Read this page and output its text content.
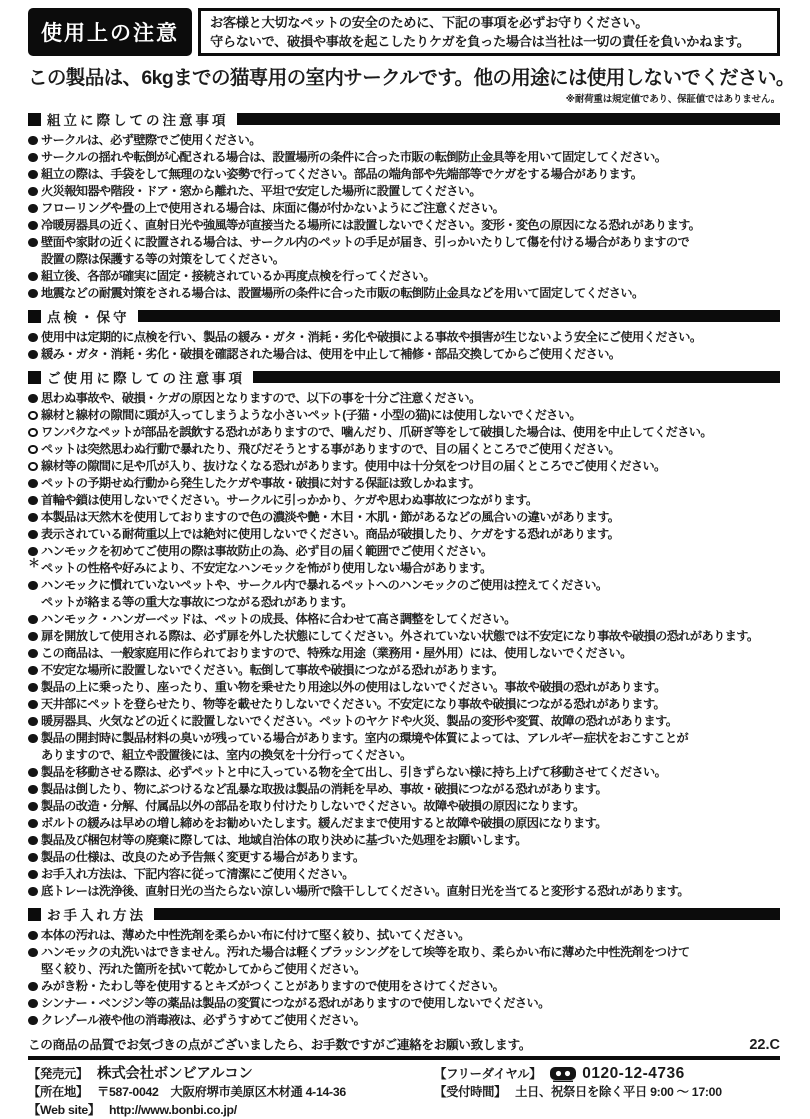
使用上の注意	お客様と大切なペットの安全のために、下記の事項を必ずお守りください。
守らないで、破損や事故を起こしたりケガを負った場合は当社は一切の責任を負いかねます。
この製品は、6kgまでの猫専用の室内サークルです。他の用途には使用しないでください。
※耐荷重は規定値であり、保証値ではありません。
組立に際しての注意事項
サークルは、必ず壁際でご使用ください。
サークルの揺れや転倒が心配される場合は、設置場所の条件に合った市販の転倒防止金具等を用いて固定してください。
組立の際は、手袋をして無理のない姿勢で行ってください。部品の端角部や先端部等でケガをする場合があります。
火災報知器や階段・ドア・窓から離れた、平坦で安定した場所に設置してください。
フローリングや畳の上で使用される場合は、床面に傷が付かないようにご注意ください。
冷暖房器具の近く、直射日光や強風等が直接当たる場所には設置しないでください。変形・変色の原因になる恐れがあります。
壁面や家財の近くに設置される場合は、サークル内のペットの手足が届き、引っかいたりして傷を付ける場合がありますので
設置の際は保護する等の対策をしてください。
組立後、各部が確実に固定・接続されているか再度点検を行ってください。
地震などの耐震対策をされる場合は、設置場所の条件に合った市販の転倒防止金具などを用いて固定してください。
点検・保守
使用中は定期的に点検を行い、製品の緩み・ガタ・消耗・劣化や破損による事故や損害が生じないよう安全にご使用ください。
緩み・ガタ・消耗・劣化・破損を確認された場合は、使用を中止して補修・部品交換してからご使用ください。
ご使用に際しての注意事項
思わぬ事故や、破損・ケガの原因となりますので、以下の事を十分ご注意ください。
線材と線材の隙間に頭が入ってしまうような小さいペット(子猫・小型の猫)には使用しないでください。
ワンパクなペットが部品を誤飲する恐れがありますので、噛んだり、爪研ぎ等をして破損した場合は、使用を中止してください。
ペットは突然思わぬ行動で暴れたり、飛びだそうとする事がありますので、目の届くところでご使用ください。
線材等の隙間に足や爪が入り、抜けなくなる恐れがあります。使用中は十分気をつけ目の届くところでご使用ください。
ペットの予期せぬ行動から発生したケガや事故・破損に対する保証は致しかねます。
首輪や鎖は使用しないでください。サークルに引っかかり、ケガや思わぬ事故につながります。
本製品は天然木を使用しておりますので色の濃淡や艶・木目・木肌・節があるなどの風合いの違いがあります。
表示されている耐荷重以上では絶対に使用しないでください。商品が破損したり、ケガをする恐れがあります。
ハンモックを初めてご使用の際は事故防止の為、必ず目の届く範囲でご使用ください。
＊ ペットの性格や好みにより、不安定なハンモックを怖がり使用しない場合があります。
ハンモックに慣れていないペットや、サークル内で暴れるペットへのハンモックのご使用は控えてください。
ペットが絡まる等の重大な事故につながる恐れがあります。
ハンモック・ハンガーベッドは、ペットの成長、体格に合わせて高さ調整をしてください。
扉を開放して使用される際は、必ず扉を外した状態にしてください。外されていない状態では不安定になり事故や破損の恐れがあります。
この商品は、一般家庭用に作られておりますので、特殊な用途（業務用・屋外用）には、使用しないでください。
不安定な場所に設置しないでください。転倒して事故や破損につながる恐れがあります。
製品の上に乗ったり、座ったり、重い物を乗せたり用途以外の使用はしないでください。事故や破損の恐れがあります。
天井部にペットを登らせたり、物等を載せたりしないでください。不安定になり事故や破損につながる恐れがあります。
暖房器具、火気などの近くに設置しないでください。ペットのヤケドや火災、製品の変形や変質、故障の恐れがあります。
製品の開封時に製品材料の臭いが残っている場合があります。室内の環境や体質によっては、アレルギー症状をおこすことが
ありますので、組立や設置後には、室内の換気を十分行ってください。
製品を移動させる際は、必ずペットと中に入っている物を全て出し、引きずらない様に持ち上げて移動させてください。
製品は倒したり、物にぶつけるなど乱暴な取扱は製品の消耗を早め、事故・破損につながる恐れがあります。
製品の改造・分解、付属品以外の部品を取り付けたりしないでください。故障や破損の原因になります。
ボルトの緩みは早めの増し締めをお勧めいたします。緩んだままで使用すると故障や破損の原因になります。
製品及び梱包材等の廃棄に際しては、地域自治体の取り決めに基づいた処理をお願いします。
製品の仕様は、改良のため予告無く変更する場合があります。
お手入れ方法は、下記内容に従って清潔にご使用ください。
底トレーは洗浄後、直射日光の当たらない涼しい場所で陰干ししてください。直射日光を当てると変形する恐れがあります。
お手入れ方法
本体の汚れは、薄めた中性洗剤を柔らかい布に付けて堅く絞り、拭いてください。
ハンモックの丸洗いはできません。汚れた場合は軽くブラッシングをして埃等を取り、柔らかい布に薄めた中性洗剤をつけて
堅く絞り、汚れた箇所を拭いて乾かしてからご使用ください。
みがき粉・たわし等を使用するとキズがつくことがありますので使用をさけてください。
シンナー・ベンジン等の薬品は製品の変質につながる恐れがありますので使用しないでください。
クレゾール液や他の消毒液は、必ずうすめてご使用ください。
この商品の品質でお気づきの点がございましたら、お手数ですがご連絡をお願い致します。	22.C
【発売元】 株式会社ボンビアルコン
【所在地】 〒587-0042　大阪府堺市美原区木材通 4-14-36
【Web site】 http://www.bonbi.co.jp/
【フリーダイヤル】	0120-12-4736
【受付時間】 土日、祝祭日を除く平日 9:00 ～ 17:00
